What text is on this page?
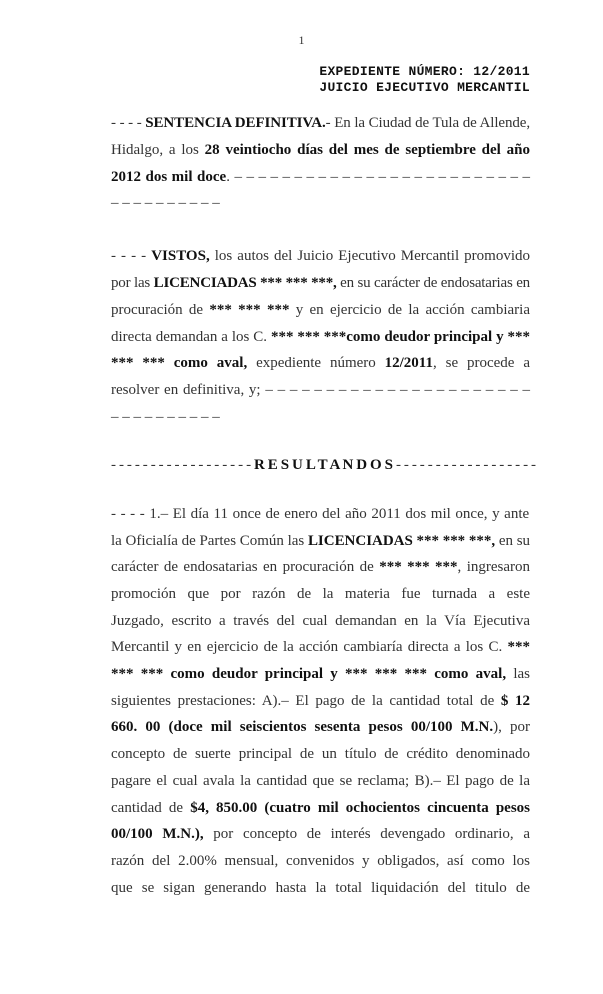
1
EXPEDIENTE NÚMERO: 12/2011
JUICIO EJECUTIVO MERCANTIL
- - - - SENTENCIA DEFINITIVA.- En la Ciudad de Tula de Allende,
Hidalgo, a los 28 veintiocho días del mes de septiembre del año
2012 dos mil doce. – – – – – – – – – – – – – – – – – – – – – – – – –
– – – – – – – – – –
- - - - VISTOS, los autos del Juicio Ejecutivo Mercantil promovido
por las LICENCIADAS *** *** ***, en su carácter de endosatarias en
procuración de *** *** *** y en ejercicio de la acción cambiaria
directa demandan a los C. *** *** ***como deudor principal y ***
*** *** como aval, expediente número 12/2011, se procede a
resolver en definitiva, y; – – – – – – – – – – – – – – – – – – – – – –
– – – – – – – – – –
- - - - - - - - - - - - - - - - - - R E S U L T A N D O S - - - - - - - - - - - - - - - - - -
- - - - 1.– El día 11 once de enero del año 2011 dos mil once, y ante
la Oficialía de Partes Común las LICENCIADAS *** *** ***, en su
carácter de endosatarias en procuración de *** *** ***, ingresaron
promoción que por razón de la materia fue turnada a este
Juzgado, escrito a través del cual demandan en la Vía Ejecutiva
Mercantil y en ejercicio de la acción cambiaría directa a los C. ***
*** *** como deudor principal y *** *** *** como aval, las
siguientes prestaciones: A).– El pago de la cantidad total de $ 12
660. 00 (doce mil seiscientos sesenta pesos 00/100 M.N.), por
concepto de suerte principal de un título de crédito denominado
pagare el cual avala la cantidad que se reclama; B).– El pago de la
cantidad de $4, 850.00 (cuatro mil ochocientos cincuenta pesos
00/100 M.N.), por concepto de interés devengado ordinario, a
razón del 2.00% mensual, convenidos y obligados, así como los
que se sigan generando hasta la total liquidación del titulo de
